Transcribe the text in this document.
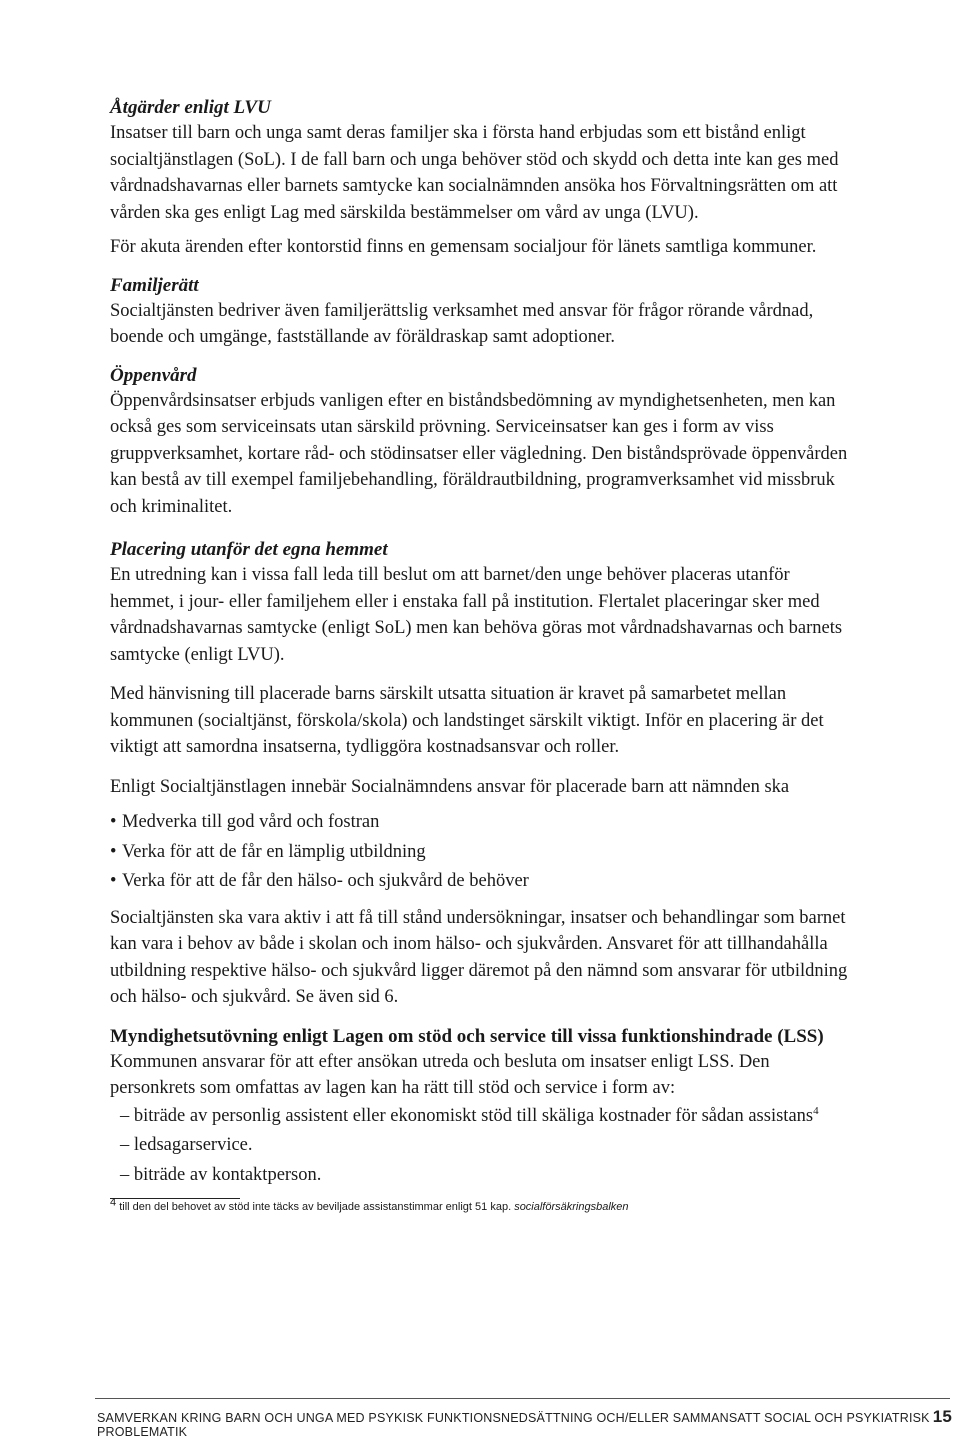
Åtgärder enligt LVU

Insatser till barn och unga samt deras familjer ska i första hand erbjudas som ett bistånd enligt socialtjänstlagen (SoL). I de fall barn och unga behöver stöd och skydd och detta inte kan ges med vårdnadshavarnas eller barnets samtycke kan socialnämnden ansöka hos Förvaltningsrätten om att vården ska ges enligt Lag med särskilda bestämmelser om vård av unga (LVU).

För akuta ärenden efter kontorstid finns en gemensam socialjour för länets samtliga kommuner.

Familjerätt

Socialtjänsten bedriver även familjerättslig verksamhet med ansvar för frågor rörande vårdnad, boende och umgänge, fastställande av föräldraskap samt adoptioner.

Öppenvård

Öppenvårdsinsatser erbjuds vanligen efter en biståndsbedömning av myndighetsenheten, men kan också ges som serviceinsats utan särskild prövning. Serviceinsatser kan ges i form av viss gruppverksamhet, kortare råd- och stödinsatser eller vägledning. Den biståndsprövade öppenvården kan bestå av till exempel familjebehandling, föräldrautbildning, programverksamhet vid missbruk och kriminalitet.

Placering utanför det egna hemmet

En utredning kan i vissa fall leda till beslut om att barnet/den unge behöver placeras utanför hemmet, i jour- eller familjehem eller i enstaka fall på institution. Flertalet placeringar sker med vårdnadshavarnas samtycke (enligt SoL) men kan behöva göras mot vårdnadshavarnas och barnets samtycke (enligt LVU).

Med hänvisning till placerade barns särskilt utsatta situation är kravet på samarbetet mellan kommunen (socialtjänst, förskola/skola) och landstinget särskilt viktigt. Inför en placering är det viktigt att samordna insatserna, tydliggöra kostnadsansvar och roller.

Enligt Socialtjänstlagen innebär Socialnämndens ansvar för placerade barn att nämnden ska

• Medverka till god vård och fostran
• Verka för att de får en lämplig utbildning
• Verka för att de får den hälso- och sjukvård de behöver

Socialtjänsten ska vara aktiv i att få till stånd undersökningar, insatser och behandlingar som barnet kan vara i behov av både i skolan och inom hälso- och sjukvården. Ansvaret för att tillhandahålla utbildning respektive hälso- och sjukvård ligger däremot på den nämnd som ansvarar för utbildning och hälso- och sjukvård. Se även sid 6.

Myndighetsutövning enligt Lagen om stöd och service till vissa funktionshindrade (LSS)

Kommunen ansvarar för att efter ansökan utreda och besluta om insatser enligt LSS. Den personkrets som omfattas av lagen kan ha rätt till stöd och service i form av:

– biträde av personlig assistent eller ekonomiskt stöd till skäliga kostnader för sådan assistans$^4$
– ledsagarservice.
– biträde av kontaktperson.
$^4$ till den del behovet av stöd inte täcks av beviljade assistanstimmar enligt 51 kap. socialförsäkringsbalken
SAMVERKAN KRING BARN OCH UNGA MED PSYKISK FUNKTIONSNEDSÄTTNING OCH/ELLER SAMMANSATT SOCIAL OCH PSYKIATRISK PROBLEMATIK
15
